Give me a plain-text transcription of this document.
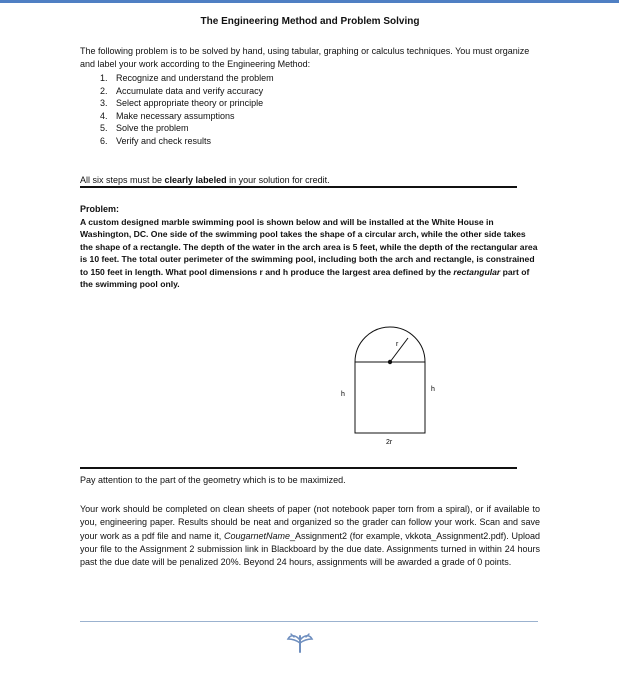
The Engineering Method and Problem Solving
The following problem is to be solved by hand, using tabular, graphing or calculus techniques. You must organize and label your work according to the Engineering Method:
1. Recognize and understand the problem
2. Accumulate data and verify accuracy
3. Select appropriate theory or principle
4. Make necessary assumptions
5. Solve the problem
6. Verify and check results
All six steps must be clearly labeled in your solution for credit.
Problem:
A custom designed marble swimming pool is shown below and will be installed at the White House in Washington, DC. One side of the swimming pool takes the shape of a circular arch, while the other side takes the shape of a rectangle. The depth of the water in the arch area is 5 feet, while the depth of the rectangular area is 10 feet. The total outer perimeter of the swimming pool, including both the arch and rectangle, is constrained to 150 feet in length. What pool dimensions r and h produce the largest area defined by the rectangular part of the swimming pool only.
r
h
h
2r
Pay attention to the part of the geometry which is to be maximized.
Your work should be completed on clean sheets of paper (not notebook paper torn from a spiral), or if available to you, engineering paper. Results should be neat and organized so the grader can follow your work. Scan and save your work as a pdf file and name it, CougarnetName_Assignment2 (for example, vkkota_Assignment2.pdf). Upload your file to the Assignment 2 submission link in Blackboard by the due date. Assignments turned in within 24 hours past the due date will be penalized 20%. Beyond 24 hours, assignments will be awarded a grade of 0 points.
